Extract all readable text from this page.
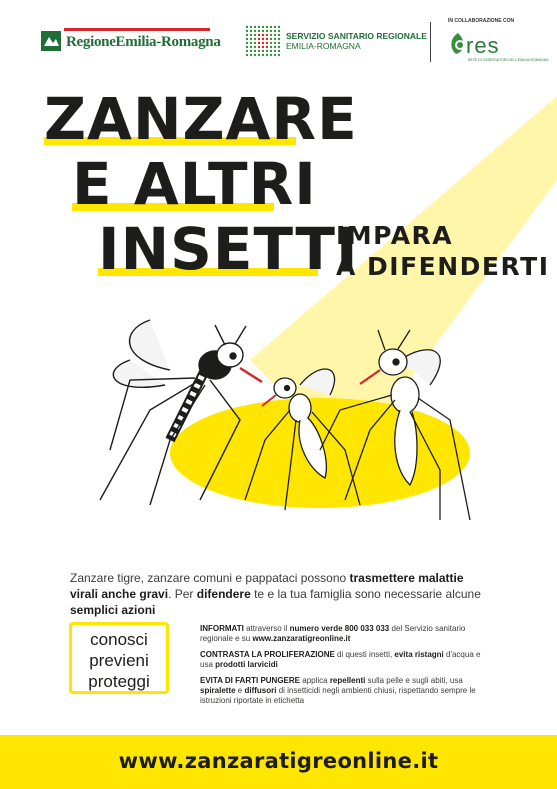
RegioneEmilia-Romagna	SERVIZIO SANITARIO REGIONALE
EMILIA-ROMAGNA
IN COLLABORAZIONE CON
res
RETE DI OSSERVATORI DELL'EMILIA-ROMAGNA
ZANZARE
E ALTRI
INSETTI
IMPARA
A DIFENDERTI
Zanzare tigre, zanzare comuni e pappataci possono trasmettere malattie virali anche gravi. Per difendere te e la tua famiglia sono necessarie alcune semplici azioni
conosci
previeni
proteggi
INFORMATI attraverso il numero verde 800 033 033 del Servizio sanitario regionale e su www.zanzaratigreonline.it
CONTRASTA LA PROLIFERAZIONE di questi insetti, evita ristagni d'acqua e usa prodotti larvicidi
EVITA DI FARTI PUNGERE applica repellenti sulla pelle e sugli abiti, usa spiralette e diffusori di insetticidi negli ambienti chiusi, rispettando sempre le istruzioni riportate in etichetta
www.zanzaratigreonline.it
